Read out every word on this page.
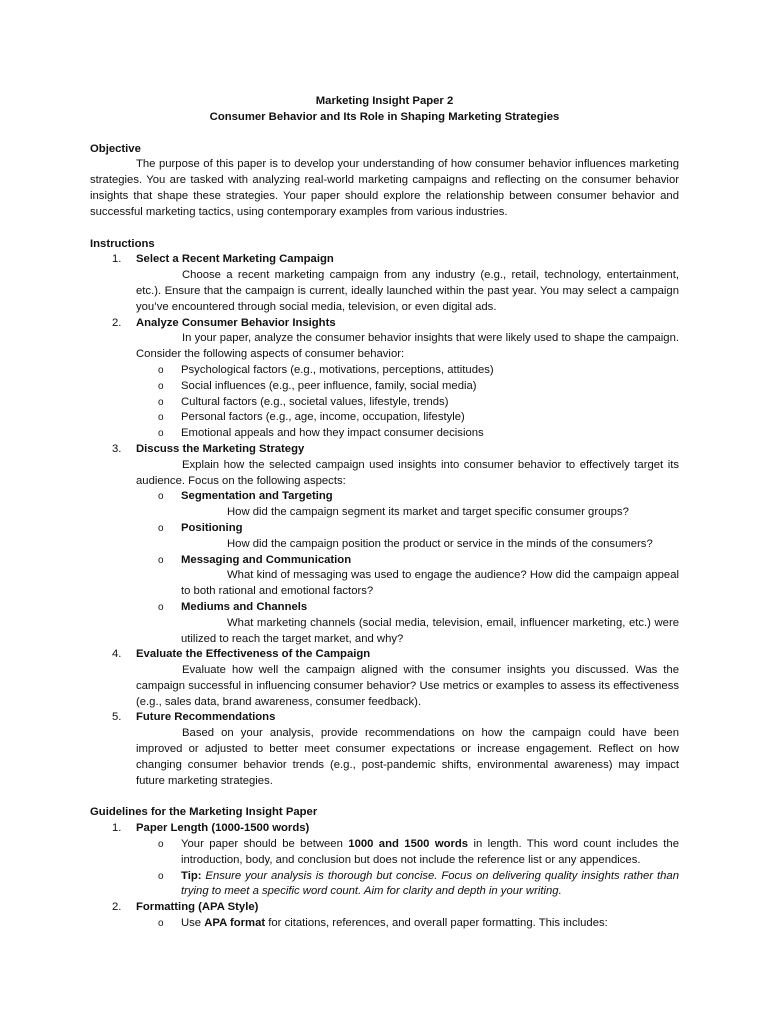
Marketing Insight Paper 2
Consumer Behavior and Its Role in Shaping Marketing Strategies
Objective

The purpose of this paper is to develop your understanding of how consumer behavior influences marketing strategies. You are tasked with analyzing real-world marketing campaigns and reflecting on the consumer behavior insights that shape these strategies. Your paper should explore the relationship between consumer behavior and successful marketing tactics, using contemporary examples from various industries.

Instructions
1. Select a Recent Marketing Campaign

Choose a recent marketing campaign from any industry (e.g., retail, technology, entertainment, etc.). Ensure that the campaign is current, ideally launched within the past year. You may select a campaign you’ve encountered through social media, television, or even digital ads.

2. Analyze Consumer Behavior Insights

In your paper, analyze the consumer behavior insights that were likely used to shape the campaign. Consider the following aspects of consumer behavior:

o Psychological factors (e.g., motivations, perceptions, attitudes)
o Social influences (e.g., peer influence, family, social media)
o Cultural factors (e.g., societal values, lifestyle, trends)
o Personal factors (e.g., age, income, occupation, lifestyle)
o Emotional appeals and how they impact consumer decisions
3. Discuss the Marketing Strategy

Explain how the selected campaign used insights into consumer behavior to effectively target its audience. Focus on the following aspects:

o Segmentation and Targeting
How did the campaign segment its market and target specific consumer groups?
o Positioning
How did the campaign position the product or service in the minds of the consumers?
o Messaging and Communication
What kind of messaging was used to engage the audience? How did the campaign appeal to both rational and emotional factors?
o Mediums and Channels
What marketing channels (social media, television, email, influencer marketing, etc.) were utilized to reach the target market, and why?
4. Evaluate the Effectiveness of the Campaign

Evaluate how well the campaign aligned with the consumer insights you discussed. Was the campaign successful in influencing consumer behavior? Use metrics or examples to assess its effectiveness (e.g., sales data, brand awareness, consumer feedback).

5. Future Recommendations

Based on your analysis, provide recommendations on how the campaign could have been improved or adjusted to better meet consumer expectations or increase engagement. Reflect on how changing consumer behavior trends (e.g., post-pandemic shifts, environmental awareness) may impact future marketing strategies.

Guidelines for the Marketing Insight Paper
1. Paper Length (1000-1500 words)
o Your paper should be between 1000 and 1500 words in length. This word count includes the introduction, body, and conclusion but does not include the reference list or any appendices.
o Tip: Ensure your analysis is thorough but concise. Focus on delivering quality insights rather than trying to meet a specific word count. Aim for clarity and depth in your writing.
2. Formatting (APA Style)
o Use APA format for citations, references, and overall paper formatting. This includes:
